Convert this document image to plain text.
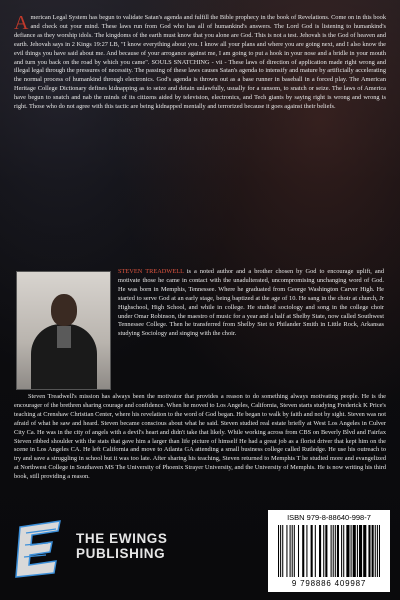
American Legal System has begun to validate Satan's agenda and fulfill the Bible prophecy in the book of Revelations. Come on in this book and check out your mind. These laws run from God who has all of humankind's answers. The Lord God is listening to humankind's defiance as they worship idols. The kingdoms of the earth must know that you alone are God. This is not a test. Jehovah is the God of heaven and earth. Jehovah says in 2 Kings 19:27 LB, "I know everything about you. I know all your plans and where you are going next, and I also know the evil things you have said about me. And because of your arrogance against me, I am going to put a hook in your nose and a bridle in your mouth and turn you back on the road by which you came". SOULS SNATCHING - vii - These laws of direction of application made right wrong and illegal legal through the pressures of necessity. The passing of these laws causes Satan's agenda to intensify and mature by artificially accelerating the normal process of humankind through electronics. God's agenda is thrown out as a base runner in baseball in a forced play. The American Heritage College Dictionary defines kidnapping as to seize and detain unlawfully, usually for a ransom, to snatch or seize. The laws of America have begun to snatch and nab the minds of its citizens aided by television, electronics, and Tech giants by saying right is wrong and wrong is right. Those who do not agree with this tactic are being kidnapped mentally and terrorized because it goes against their beliefs.
STEVEN TREADWELL is a noted author and a brother chosen by God to encourage uplift, and motivate those he came in contact with the unadulterated, uncompromising unchanging word of God. He was born in Memphis, Tennessee. Where he graduated from George Washington Carver High. He started to serve God at an early stage, being baptized at the age of 10. He sang in the choir at church, Jr Highschool, High School, and while in college. He studied sociology and song in the college choir under Omar Robinson, the maestro of music for a year and a half at Shelby State, now called Southwest Tennessee College. Then he transferred from Shelby Stet to Philander Smith in Little Rock, Arkansas studying Sociology and singing with the choir.
Steven Treadwell's mission has always been the motivator that provides a reason to do something always motivating people. He is the encourager of the brethren sharing courage and confidence. When he moved to Los Angeles, California, Steven starts studying Frederick K Price's teaching at Crenshaw Christian Center, where his revelation to the word of God began. He began to walk by faith and not by sight. Steven was not afraid of what he saw and heard. Steven became conscious about what he said. Steven studied real estate briefly at West Los Angeles in Culver City Ca. He was in the city of angels with a devil's heart and didn't take that likely. While working across from CBS on Beverly Blvd and Fairfax Steven ribbed shoulder with the stats that gave him a larger than life picture of himself He had a great job as a florist driver that kept him on the scene in Los Angeles CA. He left California and move to Atlanta GA attending a small business college called Rutledge. He use his outreach to try and save a struggling in school but it was too late. After sharing his teaching, Steven returned to Memphis T he studied more and evangelized at Northwest College in Southaven MS The University of Phoenix Strayer University, and the University of Memphis. He is now writing his third book, still providing a reason.
THE EWINGS
PUBLISHING
ISBN 979-8-88640-998-7
9 798886 409987
